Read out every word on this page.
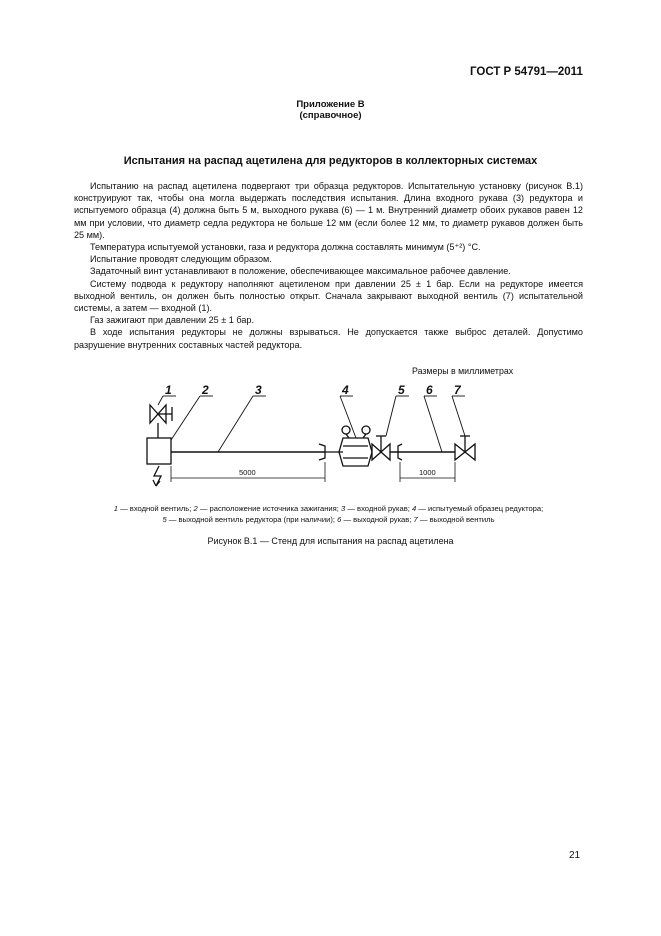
ГОСТ Р 54791—2011
Приложение В
(справочное)
Испытания на распад ацетилена для редукторов в коллекторных системах

Испытанию на распад ацетилена подвергают три образца редукторов. Испытательную установку (рисунок В.1) конструируют так, чтобы она могла выдержать последствия испытания. Длина входного рукава (3) редуктора и испытуемого образца (4) должна быть 5 м, выходного рукава (6) — 1 м. Внутренний диаметр обоих рукавов равен 12 мм при условии, что диаметр седла редуктора не больше 12 мм (если более 12 мм, то диаметр рукавов должен быть 25 мм).

Температура испытуемой установки, газа и редуктора должна составлять минимум (5⁺²) °С.

Испытание проводят следующим образом.

Задаточный винт устанавливают в положение, обеспечивающее максимальное рабочее давление.

Систему подвода к редуктору наполняют ацетиленом при давлении 25 ± 1 бар. Если на редукторе имеется выходной вентиль, он должен быть полностью открыт. Сначала закрывают выходной вентиль (7) испытательной системы, а затем — входной (1).

Газ зажигают при давлении 25 ± 1 бар.

В ходе испытания редукторы не должны взрываться. Не допускается также выброс деталей. Допустимо разрушение внутренних составных частей редуктора.

Размеры в миллиметрах
1	2	3	4	5 6 7
5000	1000
1 — входной вентиль; 2 — расположение источника зажигания; 3 — входной рукав; 4 — испытуемый образец редуктора;
5 — выходной вентиль редуктора (при наличии); 6 — выходной рукав; 7 — выходной вентиль
Рисунок В.1 — Стенд для испытания на распад ацетилена
21
